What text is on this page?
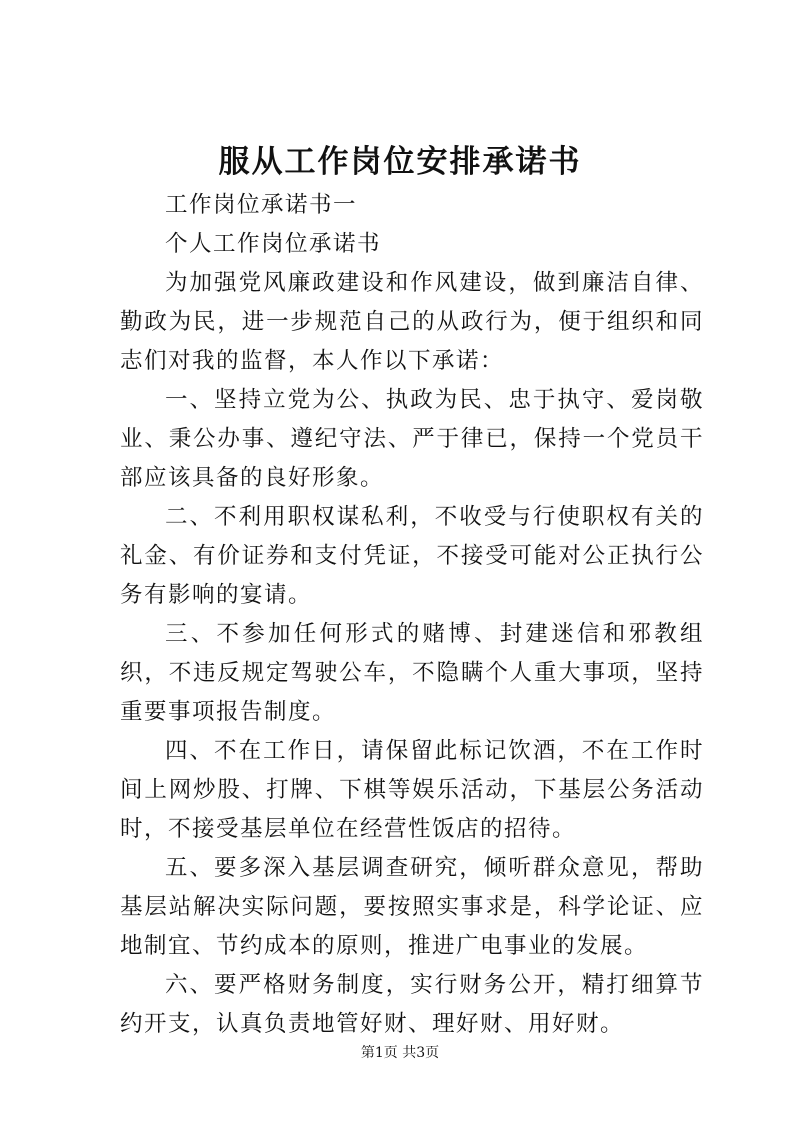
服从工作岗位安排承诺书

工作岗位承诺书一

个人工作岗位承诺书

为加强党风廉政建设和作风建设，做到廉洁自律、勤政为民，进一步规范自己的从政行为，便于组织和同志们对我的监督，本人作以下承诺：

一、坚持立党为公、执政为民、忠于执守、爱岗敬业、秉公办事、遵纪守法、严于律已，保持一个党员干部应该具备的良好形象。

二、不利用职权谋私利，不收受与行使职权有关的礼金、有价证券和支付凭证，不接受可能对公正执行公务有影响的宴请。

三、不参加任何形式的赌博、封建迷信和邪教组织，不违反规定驾驶公车，不隐瞒个人重大事项，坚持重要事项报告制度。

四、不在工作日，请保留此标记饮酒，不在工作时间上网炒股、打牌、下棋等娱乐活动，下基层公务活动时，不接受基层单位在经营性饭店的招待。

五、要多深入基层调查研究，倾听群众意见，帮助基层站解决实际问题，要按照实事求是，科学论证、应地制宜、节约成本的原则，推进广电事业的发展。

六、要严格财务制度，实行财务公开，精打细算节约开支，认真负责地管好财、理好财、用好财。

第1页 共3页
